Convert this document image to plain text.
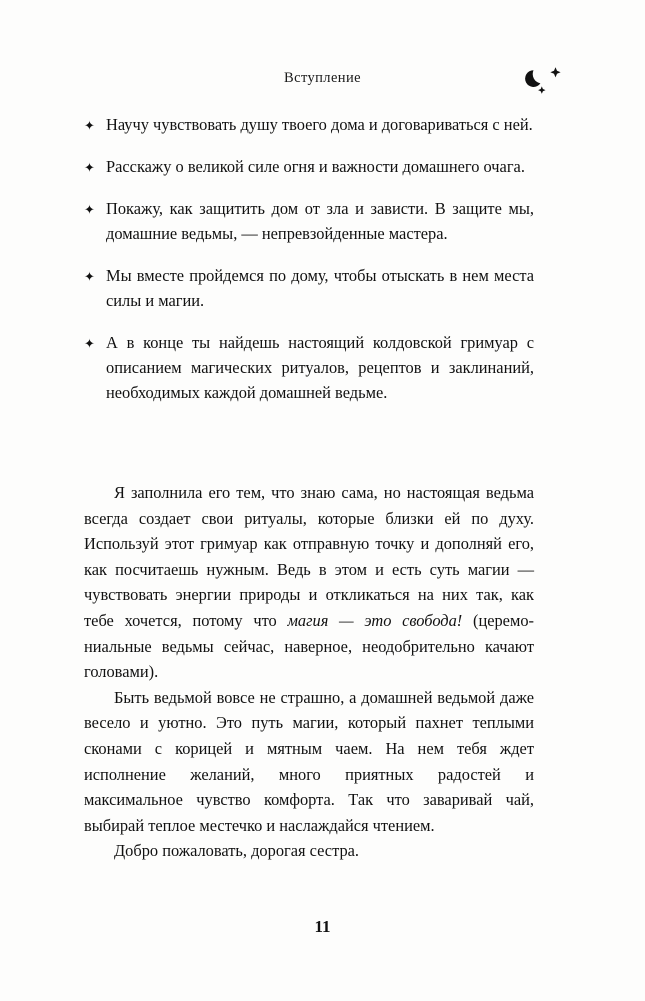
Вступление
✦ Научу чувствовать душу твоего дома и договариваться с ней.
✦ Расскажу о великой силе огня и важности домашнего очага.
✦ Покажу, как защитить дом от зла и зависти. В защите мы, домашние ведьмы, — непревзойденные мастера.
✦ Мы вместе пройдемся по дому, чтобы отыскать в нем места силы и магии.
✦ А в конце ты найдешь настоящий колдовской гримуар с описанием магических ритуалов, рецептов и заклинаний, необходимых каждой домашней ведьме.

Я заполнила его тем, что знаю сама, но настоящая ведьма всегда создает свои ритуалы, которые близки ей по духу. Используй этот гримуар как отправную точку и дополняй его, как посчитаешь нужным. Ведь в этом и есть суть магии — чувствовать энергии природы и откликаться на них так, как тебе хочется, потому что магия — это свобода! (церемониальные ведьмы сейчас, наверное, неодобрительно качают головами).

Быть ведьмой вовсе не страшно, а домашней ведьмой даже весело и уютно. Это путь магии, который пахнет теплыми сконами с корицей и мятным чаем. На нем тебя ждет исполнение желаний, много приятных радостей и максимальное чувство комфорта. Так что заваривай чай, выбирай теплое местечко и наслаждайся чтением.

Добро пожаловать, дорогая сестра.

11
